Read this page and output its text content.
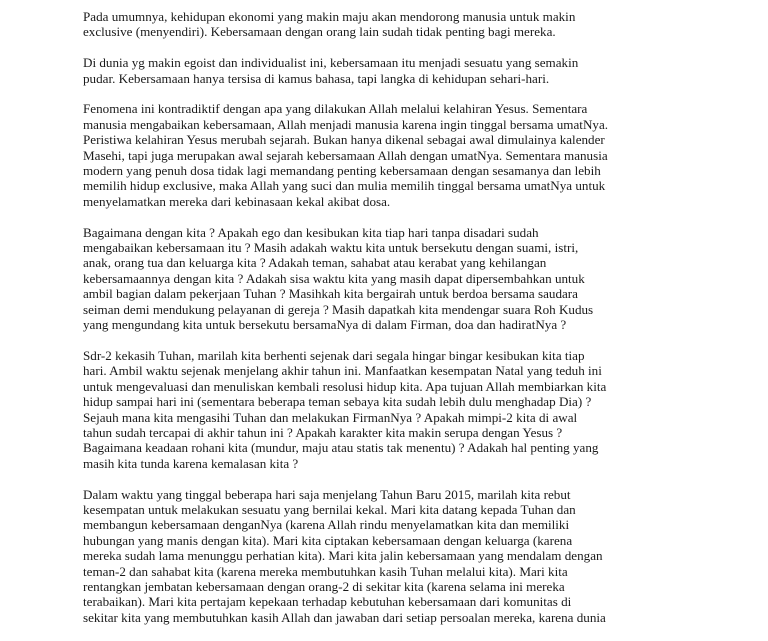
Pada umumnya, kehidupan ekonomi yang makin maju akan mendorong manusia untuk makin
exclusive (menyendiri). Kebersamaan dengan orang lain sudah tidak penting bagi mereka.
Di dunia yg makin egoist dan individualist ini, kebersamaan itu menjadi sesuatu yang semakin
pudar. Kebersamaan hanya tersisa di kamus bahasa, tapi langka di kehidupan sehari-hari.
Fenomena ini kontradiktif dengan apa yang dilakukan Allah melalui kelahiran Yesus. Sementara
manusia mengabaikan kebersamaan, Allah menjadi manusia karena ingin tinggal bersama umatNya.
Peristiwa kelahiran Yesus merubah sejarah. Bukan hanya dikenal sebagai awal dimulainya kalender
Masehi, tapi juga merupakan awal sejarah kebersamaan Allah dengan umatNya. Sementara manusia
modern yang penuh dosa tidak lagi memandang penting kebersamaan dengan sesamanya dan lebih
memilih hidup exclusive, maka Allah yang suci dan mulia memilih tinggal bersama umatNya untuk
menyelamatkan mereka dari kebinasaan kekal akibat dosa.
Bagaimana dengan kita ? Apakah ego dan kesibukan kita tiap hari tanpa disadari sudah
mengabaikan kebersamaan itu ? Masih adakah waktu kita untuk bersekutu dengan suami, istri,
anak, orang tua dan keluarga kita ? Adakah teman, sahabat atau kerabat yang kehilangan
kebersamaannya dengan kita ? Adakah sisa waktu kita yang masih dapat dipersembahkan untuk
ambil bagian dalam pekerjaan Tuhan ? Masihkah kita bergairah untuk berdoa bersama saudara
seiman demi mendukung pelayanan di gereja ? Masih dapatkah kita mendengar suara Roh Kudus
yang mengundang kita untuk bersekutu bersamaNya di dalam Firman, doa dan hadiratNya ?
Sdr-2 kekasih Tuhan, marilah kita berhenti sejenak dari segala hingar bingar kesibukan kita tiap
hari. Ambil waktu sejenak menjelang akhir tahun ini. Manfaatkan kesempatan Natal yang teduh ini
untuk mengevaluasi dan menuliskan kembali resolusi hidup kita. Apa tujuan Allah membiarkan kita
hidup sampai hari ini (sementara beberapa teman sebaya kita sudah lebih dulu menghadap Dia) ?
Sejauh mana kita mengasihi Tuhan dan melakukan FirmanNya ? Apakah mimpi-2 kita di awal
tahun sudah tercapai di akhir tahun ini ? Apakah karakter kita makin serupa dengan Yesus ?
Bagaimana keadaan rohani kita (mundur, maju atau statis tak menentu) ? Adakah hal penting yang
masih kita tunda karena kemalasan kita ?
Dalam waktu yang tinggal beberapa hari saja menjelang Tahun Baru 2015, marilah kita rebut
kesempatan untuk melakukan sesuatu yang bernilai kekal. Mari kita datang kepada Tuhan dan
membangun kebersamaan denganNya (karena Allah rindu menyelamatkan kita dan memiliki
hubungan yang manis dengan kita). Mari kita ciptakan kebersamaan dengan keluarga (karena
mereka sudah lama menunggu perhatian kita). Mari kita jalin kebersamaan yang mendalam dengan
teman-2 dan sahabat kita (karena mereka membutuhkan kasih Tuhan melalui kita). Mari kita
rentangkan jembatan kebersamaan dengan orang-2 di sekitar kita (karena selama ini mereka
terabaikan). Mari kita pertajam kepekaan terhadap kebutuhan kebersamaan dari komunitas di
sekitar kita yang membutuhkan kasih Allah dan jawaban dari setiap persoalan mereka, karena dunia
